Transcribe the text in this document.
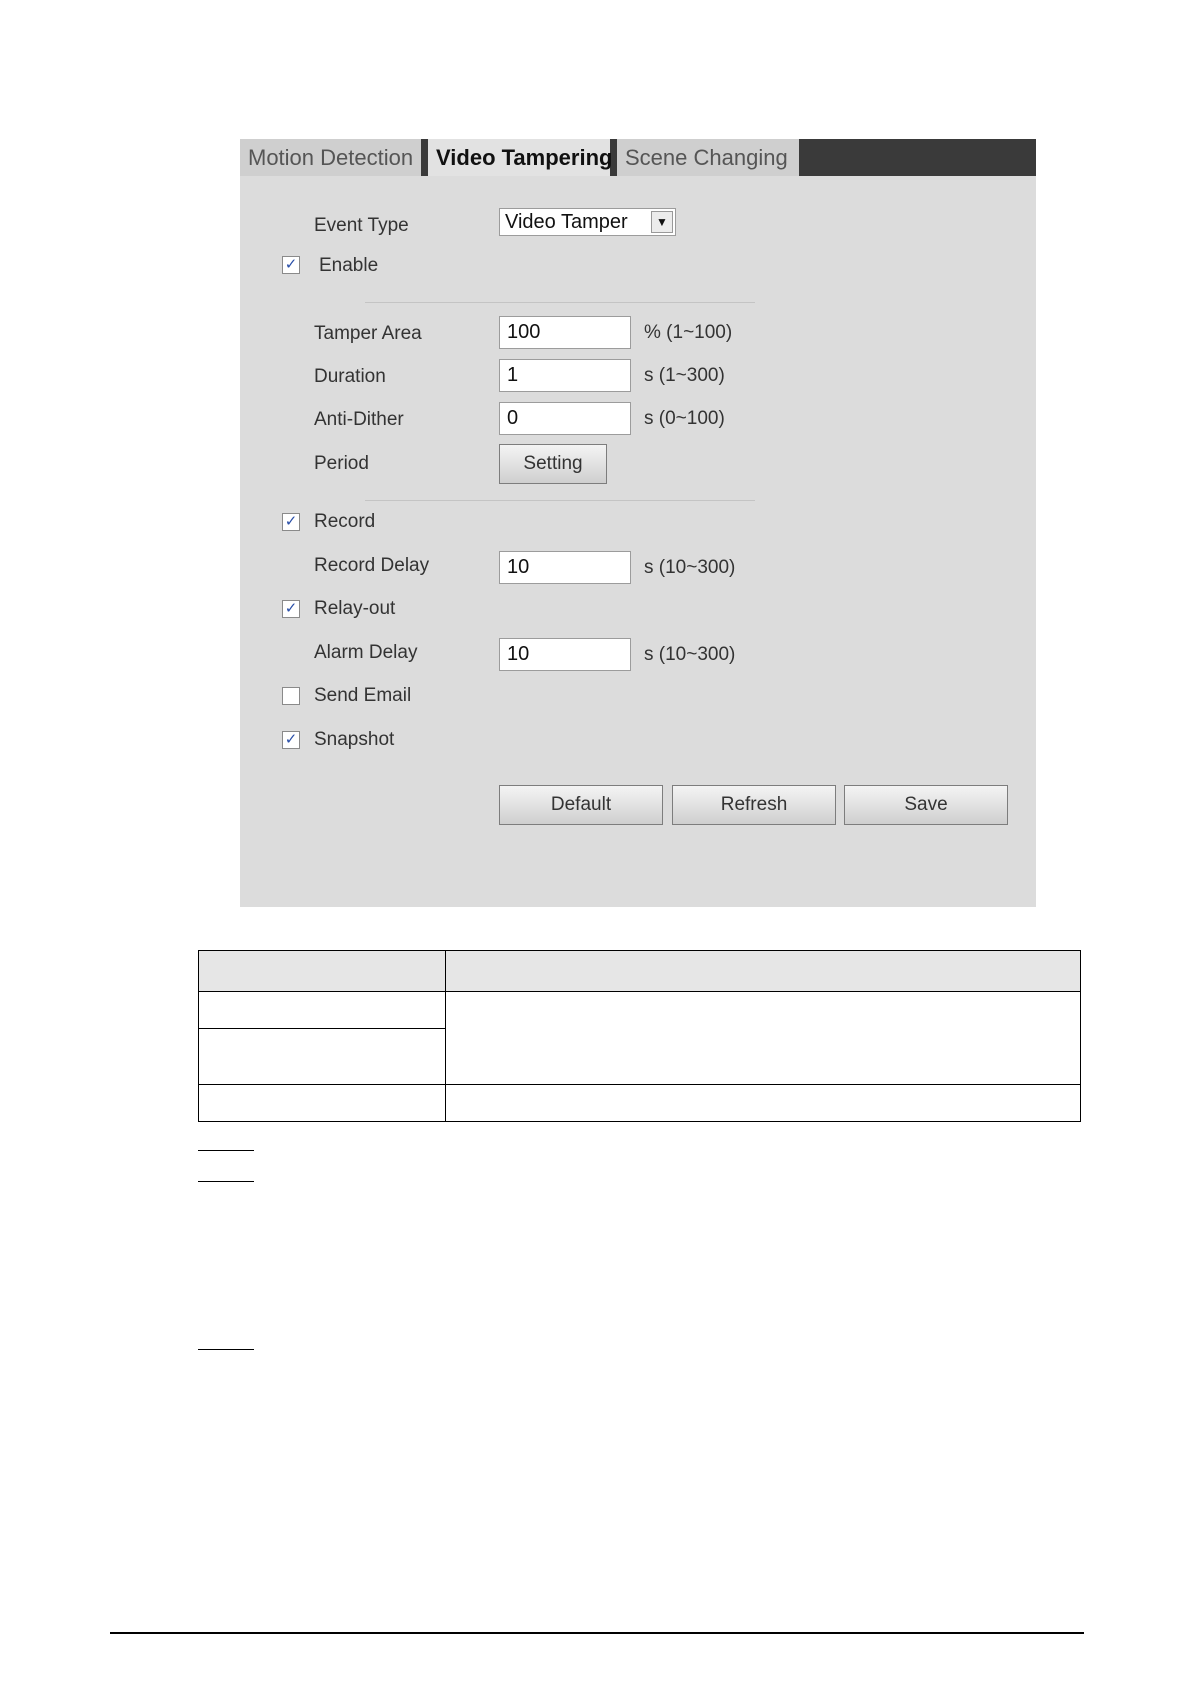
Motion Detection	Video Tampering Scene Changing
Event Type	Video Tamper	▼
✓ Enable
Tamper Area	100	% (1~100)
Duration	1	s (1~300)
Anti-Dither	0	s (0~100)
Period	Setting
✓ Record
Record Delay	10	s (10~300)
✓ Relay-out
Alarm Delay	10	s (10~300)
Send Email
✓ Snapshot
Default	Refresh	Save
